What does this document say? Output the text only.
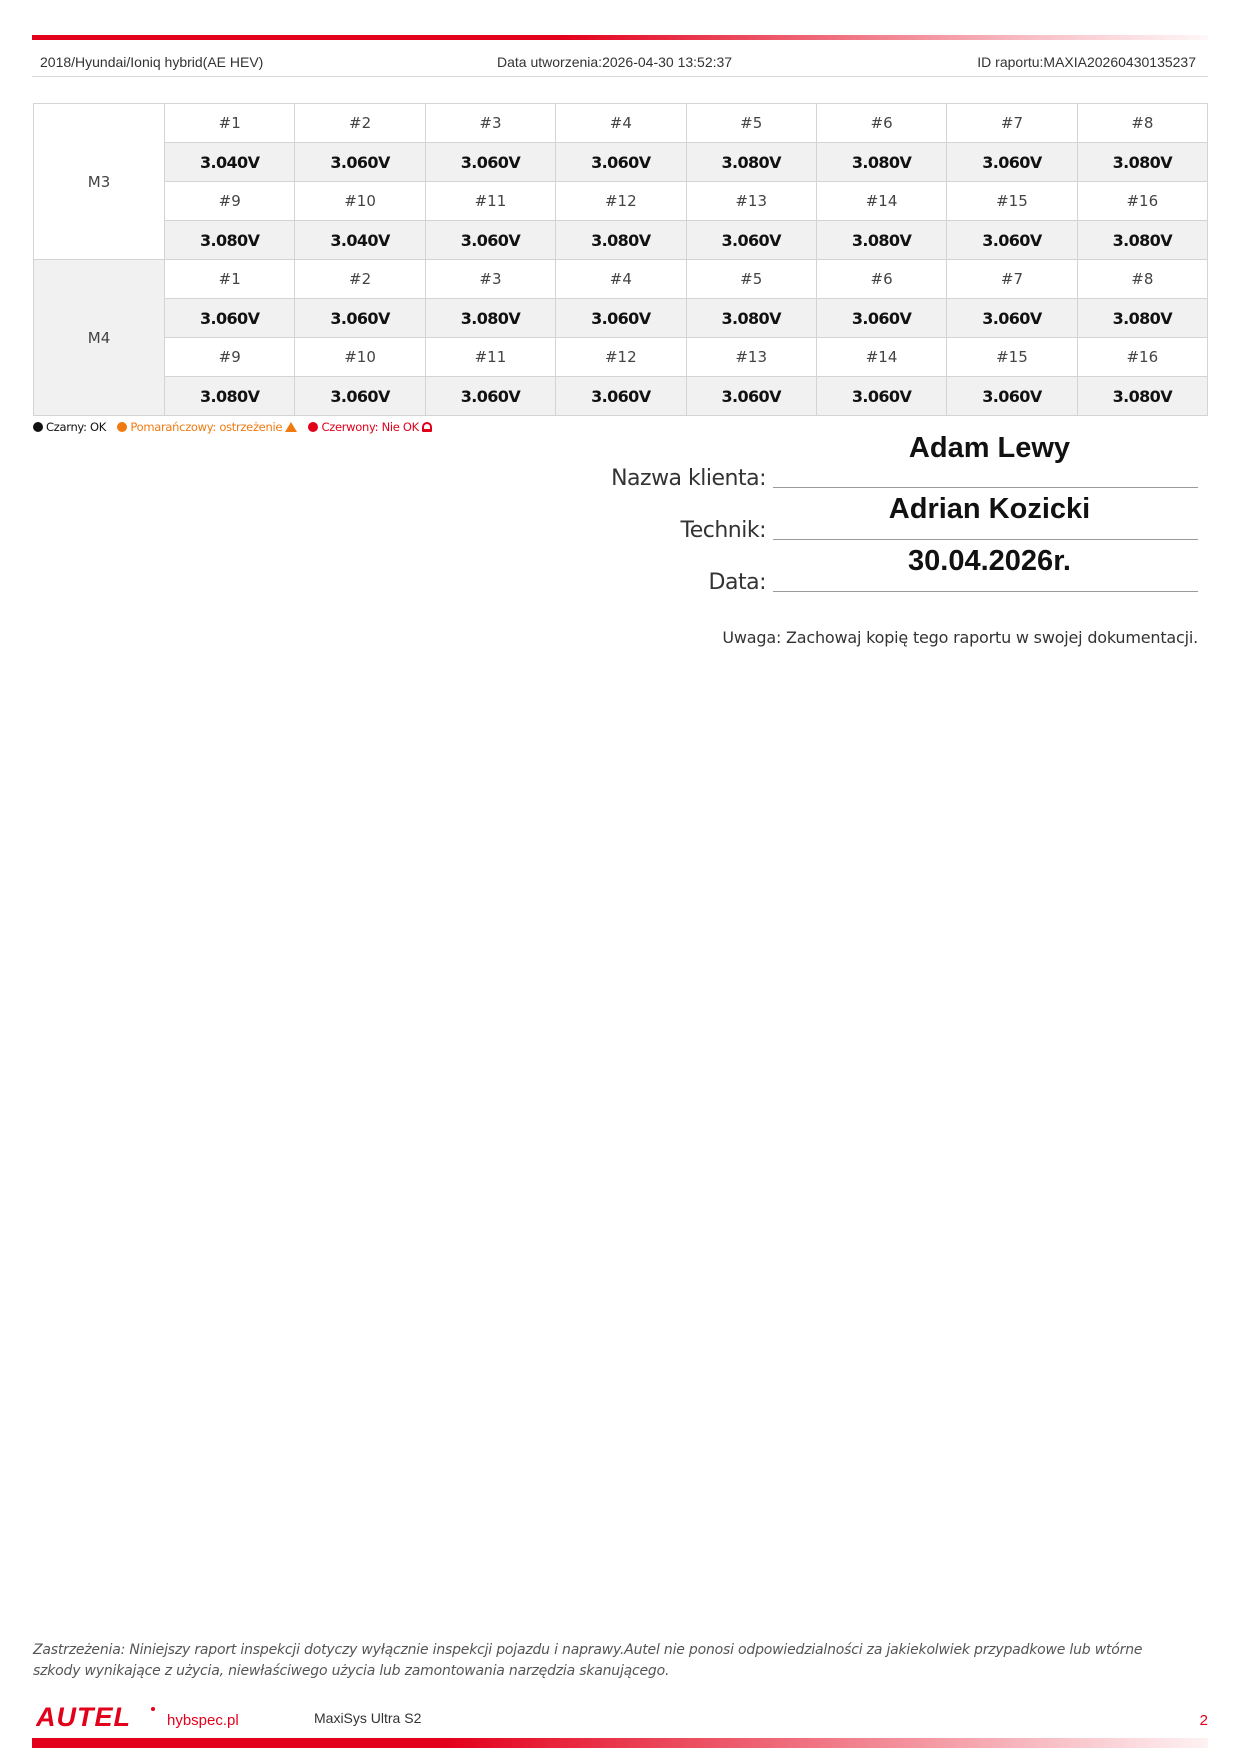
2018/Hyundai/Ioniq hybrid(AE HEV)	Data utworzenia:
2026-04-30 13:52:37	ID raportu:
MAXIA20260430135237
M3	#1	#2	#3	#4	#5	#6	#7	#8
	3.040V	3.060V	3.060V	3.060V	3.080V	3.080V	3.060V	3.080V
	#9	#10	#11	#12	#13	#14	#15	#16
	3.080V	3.040V	3.060V	3.080V	3.060V	3.080V	3.060V	3.080V
M4	#1	#2	#3	#4	#5	#6	#7	#8
	3.060V	3.060V	3.080V	3.060V	3.080V	3.060V	3.060V	3.080V
	#9	#10	#11	#12	#13	#14	#15	#16
	3.080V	3.060V	3.060V	3.060V	3.060V	3.060V	3.060V	3.080V
Czarny: OK Pomarańczowy: ostrzeżenie	Czerwony: Nie OK
Adam Lewy
Nazwa klienta:
Adrian Kozicki
Technik:
30.04.2026r.
Data:
Uwaga: Zachowaj kopię tego raportu w swojej dokumentacji.
Zastrzeżenia: Niniejszy raport inspekcji dotyczy wyłącznie inspekcji pojazdu i naprawy.Autel nie ponosi odpowiedzialności za jakiekolwiek przypadkowe lub wtórne szkody wynikające z użycia, niewłaściwego użycia lub zamontowania narzędzia skanującego.
AUTEL hybspec.pl	MaxiSys Ultra S2	2
